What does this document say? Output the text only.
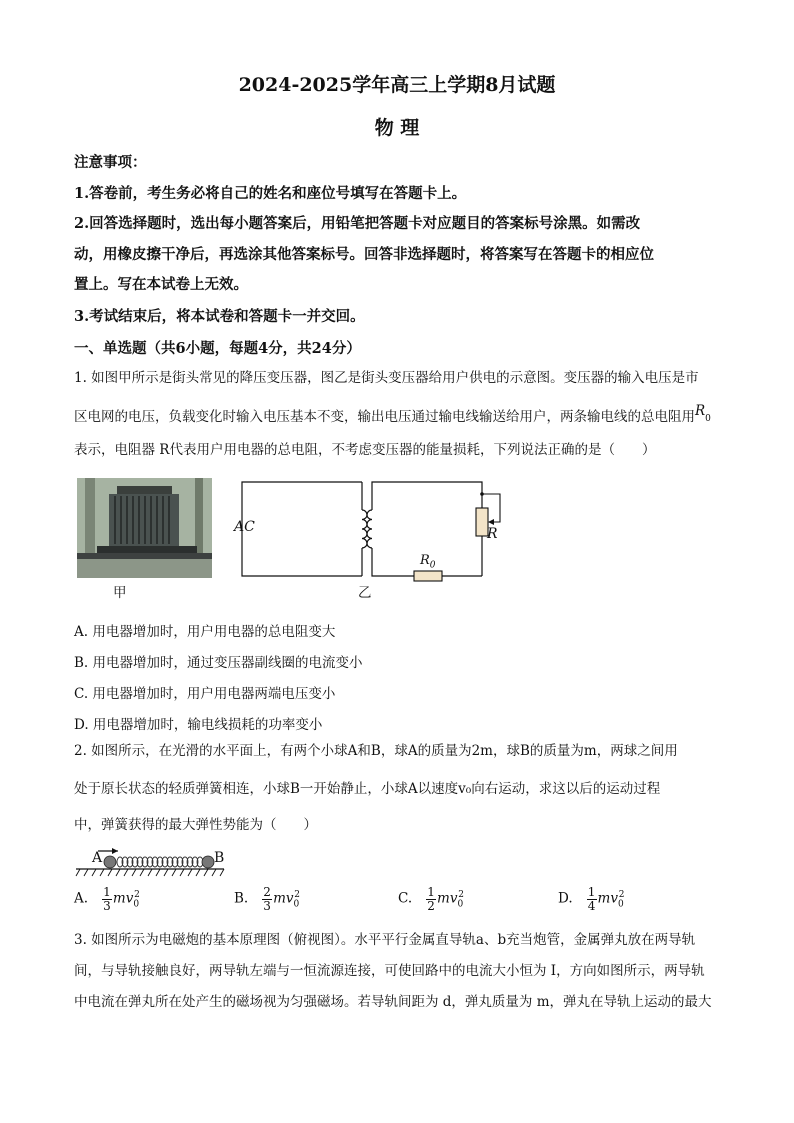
2024-2025学年高三上学期8月试题
物 理
注意事项：
1.答卷前，考生务必将自己的姓名和座位号填写在答题卡上。
2.回答选择题时，选出每小题答案后，用铅笔把答题卡对应题目的答案标号涂黑。如需改
动，用橡皮擦干净后，再选涂其他答案标号。回答非选择题时，将答案写在答题卡的相应位
置上。写在本试卷上无效。
3.考试结束后，将本试卷和答题卡一并交回。
一、单选题（共6小题，每题4分，共24分）
1. 如图甲所示是街头常见的降压变压器，图乙是街头变压器给用户供电的示意图。变压器的输入电压是市
区电网的电压，负载变化时输入电压基本不变，输出电压通过输电线输送给用户，两条输电线的总电阻用$R_0$
表示，电阻器 R代表用户用电器的总电阻，不考虑变压器的能量损耗，下列说法正确的是（　　）
甲
AC	R
$R_0$
乙
A. 用电器增加时，用户用电器的总电阻变大
B. 用电器增加时，通过变压器副线圈的电流变小
C. 用电器增加时，用户用电器两端电压变小
D. 用电器增加时，输电线损耗的功率变小
2. 如图所示，在光滑的水平面上，有两个小球A和B，球A的质量为2m，球B的质量为m，两球之间用
处于原长状态的轻质弹簧相连，小球B一开始静止，小球A以速度v₀向右运动，求这以后的运动过程
中，弹簧获得的最大弹性势能为（　　）
A	B
A. $\frac{1}{3}mv_0^2$	B. $\frac{2}{3}mv_0^2$	C. $\frac{1}{2}mv_0^2$	D. $\frac{1}{4}mv_0^2$
3. 如图所示为电磁炮的基本原理图（俯视图）。水平平行金属直导轨a、b充当炮管，金属弹丸放在两导轨
间，与导轨接触良好，两导轨左端与一恒流源连接，可使回路中的电流大小恒为 I，方向如图所示，两导轨
中电流在弹丸所在处产生的磁场视为匀强磁场。若导轨间距为 d，弹丸质量为 m，弹丸在导轨上运动的最大
